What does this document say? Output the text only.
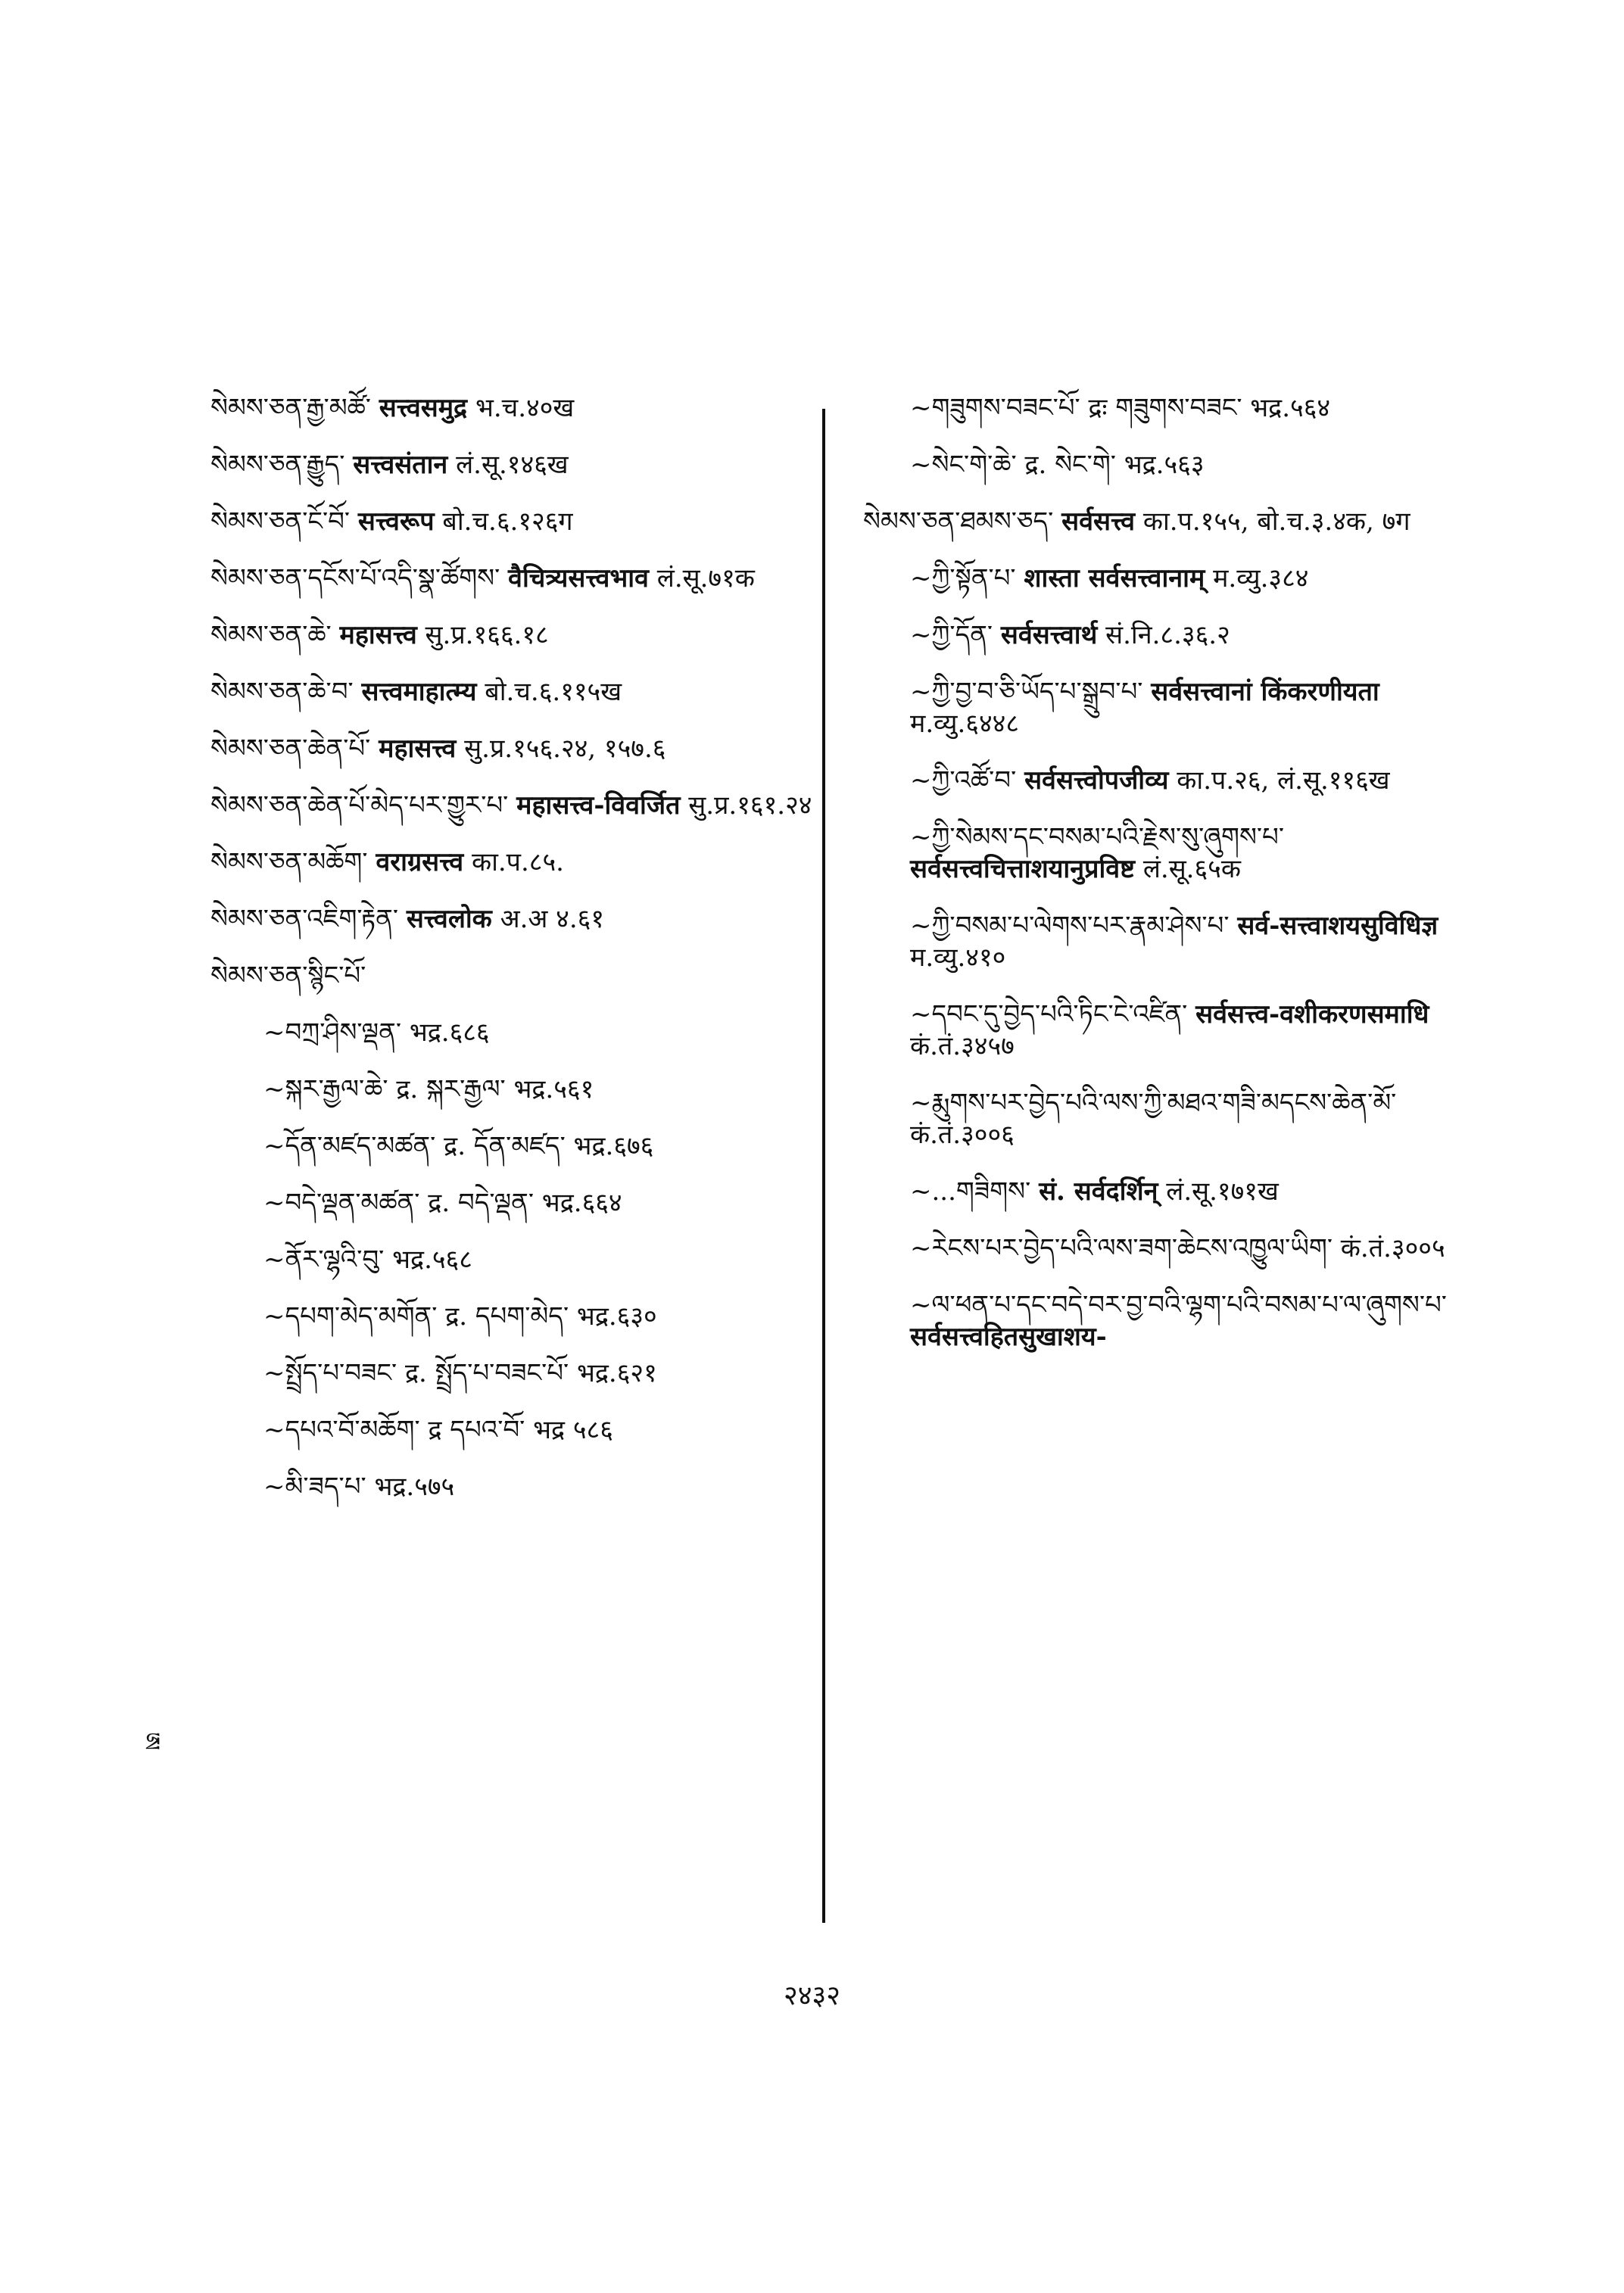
སེམས་ཅན་རྒྱ་མཚོ་ सत्त्वसमुद्र भ.च.४०ख
སེམས་ཅན་རྒྱུད་ सत्त्वसंतान लं.सू.१४६ख
སེམས་ཅན་ངོ་བོ་ सत्त्वरूप बो.च.६.१२६ग
སེམས་ཅན་དངོས་པོ་འདི་སྣ་ཚོགས་ वैचित्र्यसत्त्वभाव लं.सू.७१क
སེམས་ཅན་ཆེ་ महासत्त्व सु.प्र.१६६.१८
སེམས་ཅན་ཆེ་བ་ सत्त्वमाहात्म्य बो.च.६.११५ख
སེམས་ཅན་ཆེན་པོ་ महासत्त्व सु.प्र.१५६.२४, १५७.६
སེམས་ཅན་ཆེན་པོ་མེད་པར་གྱུར་པ་ महासत्त्व-विवर्जित सु.प्र.१६१.२४
སེམས་ཅན་མཆོག་ वराग्रसत्त्व का.प.८५.
སེམས་ཅན་འཇིག་རྟེན་ सत्त्वलोक अ.अ ४.६१
སེམས་ཅན་སྙིང་པོ་
~བཀྲ་ཤིས་ལྡན་ भद्र.६८६
~སྐར་རྒྱལ་ཆེ་ द्र. སྐར་རྒྱལ་ भद्र.५६१
~དོན་མཛད་མཚན་ द्र. དོན་མཛད་ भद्र.६७६
~བདེ་ལྡན་མཚན་ द्र. བདེ་ལྡན་ भद्र.६६४
~ནོར་ལྷའི་བུ་ भद्र.५६८
~དཔག་མེད་མགོན་ द्र. དཔག་མེད་ भद्र.६३०
~སྤྲོད་པ་བཟང་ द्र. སྤྲོད་པ་བཟང་པོ་ भद्र.६२१
~དཔའ་བོ་མཆོག་ द्र དཔའ་བོ་ भद्र ५८६
~མི་ཟད་པ་ भद्र.५७५
~གཟུགས་བཟང་པོ་ द्रः གཟུགས་བཟང་ भद्र.५६४
~སེང་གེ་ཆེ་ द्र. སེང་གེ་ भद्र.५६३
སེམས་ཅན་ཐམས་ཅད་ सर्वसत्त्व का.प.१५५, बो.च.३.४क, ७ग
~ཀྱི་སྟོན་པ་ शास्ता सर्वसत्त्वानाम् म.व्यु.३८४
~ཀྱི་དོན་ सर्वसत्त्वार्थ सं.नि.८.३६.२
~ཀྱི་བྱ་བ་ཅི་ཡོད་པ་སྒྲུབ་པ་ सर्वसत्त्वानां किंकरणीयता म.व्यु.६४४८
~ཀྱི་འཚོ་བ་ सर्वसत्त्वोपजीव्य का.प.२६, लं.सू.११६ख
~ཀྱི་སེམས་དང་བསམ་པའི་རྗེས་སུ་ཞུགས་པ་ सर्वसत्त्वचित्ताशयानुप्रविष्ट लं.सू.६५क
~ཀྱི་བསམ་པ་ལེགས་པར་རྣམ་ཤེས་པ་ सर्व-सत्त्वाशयसुविधिज्ञ म.व्यु.४१०
~དབང་དུ་བྱེད་པའི་ཏིང་ངེ་འཛིན་ सर्वसत्त्व-वशीकरणसमाधि कं.तं.३४५७
~རྨུགས་པར་བྱེད་པའི་ལས་ཀྱི་མཐའ་གཟི་མདངས་ཆེན་མོ་ कं.तं.३००६
~...གཟིགས་ सं. सर्वदर्शिन् लं.सू.१७१ख
~རེངས་པར་བྱེད་པའི་ལས་ཟག་ཆེངས་འཁྱུལ་ཡིག་ कं.तं.३००५
~ལ་ཕན་པ་དང་བདེ་བར་བྱ་བའི་ལྷག་པའི་བསམ་པ་ལ་ཞུགས་པ་ सर्वसत्त्वहितसुखाशय-
ཨ
२४३२
